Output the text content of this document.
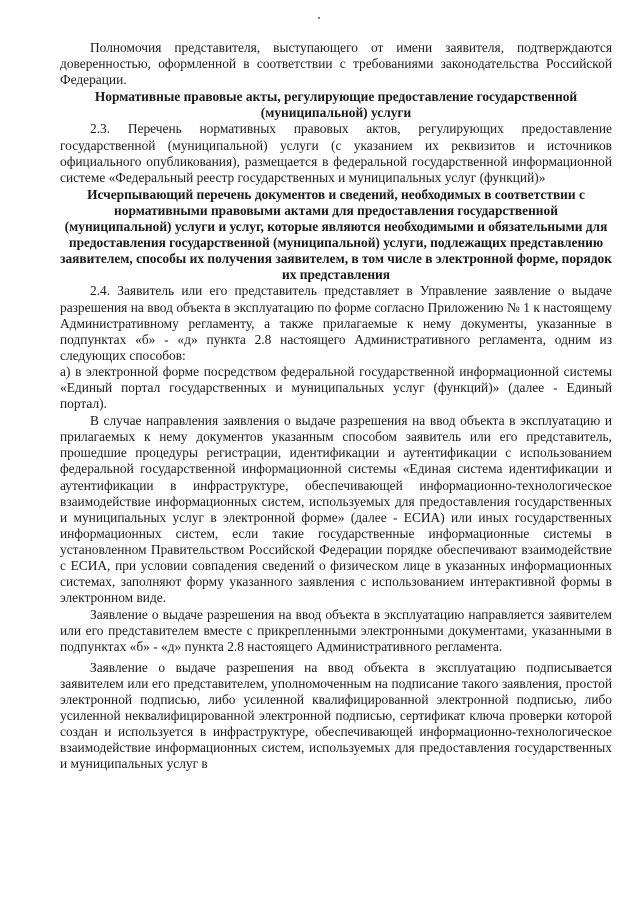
Полномочия представителя, выступающего от имени заявителя, подтверждаются доверенностью, оформленной в соответствии с требованиями законодательства Российской Федерации.

Нормативные правовые акты, регулирующие предоставление государственной (муниципальной) услуги

2.3. Перечень нормативных правовых актов, регулирующих предоставление государственной (муниципальной) услуги (с указанием их реквизитов и источников официального опубликования), размещается в федеральной государственной информационной системе «Федеральный реестр государственных и муниципальных услуг (функций)»

Исчерпывающий перечень документов и сведений, необходимых в соответствии с нормативными правовыми актами для предоставления государственной (муниципальной) услуги и услуг, которые являются необходимыми и обязательными для предоставления государственной (муниципальной) услуги, подлежащих представлению заявителем, способы их получения заявителем, в том числе в электронной форме, порядок их представления

2.4. Заявитель или его представитель представляет в Управление заявление о выдаче разрешения на ввод объекта в эксплуатацию по форме согласно Приложению № 1 к настоящему Административному регламенту, а также прилагаемые к нему документы, указанные в подпунктах «б» - «д» пункта 2.8 настоящего Административного регламента, одним из следующих способов:

а) в электронной форме посредством федеральной государственной информационной системы «Единый портал государственных и муниципальных услуг (функций)» (далее - Единый портал).

В случае направления заявления о выдаче разрешения на ввод объекта в эксплуатацию и прилагаемых к нему документов указанным способом заявитель или его представитель, прошедшие процедуры регистрации, идентификации и аутентификации с использованием федеральной государственной информационной системы «Единая система идентификации и аутентификации в инфраструктуре, обеспечивающей информационно-технологическое взаимодействие информационных систем, используемых для предоставления государственных и муниципальных услуг в электронной форме» (далее - ЕСИА) или иных государственных информационных систем, если такие государственные информационные системы в установленном Правительством Российской Федерации порядке обеспечивают взаимодействие с ЕСИА, при условии совпадения сведений о физическом лице в указанных информационных системах, заполняют форму указанного заявления с использованием интерактивной формы в электронном виде.

Заявление о выдаче разрешения на ввод объекта в эксплуатацию направляется заявителем или его представителем вместе с прикрепленными электронными документами, указанными в подпунктах «б» - «д» пункта 2.8 настоящего Административного регламента.

Заявление о выдаче разрешения на ввод объекта в эксплуатацию подписывается заявителем или его представителем, уполномоченным на подписание такого заявления, простой электронной подписью, либо усиленной квалифицированной электронной подписью, либо усиленной неквалифицированной электронной подписью, сертификат ключа проверки которой создан и используется в инфраструктуре, обеспечивающей информационно-технологическое взаимодействие информационных систем, используемых для предоставления государственных и муниципальных услуг в
